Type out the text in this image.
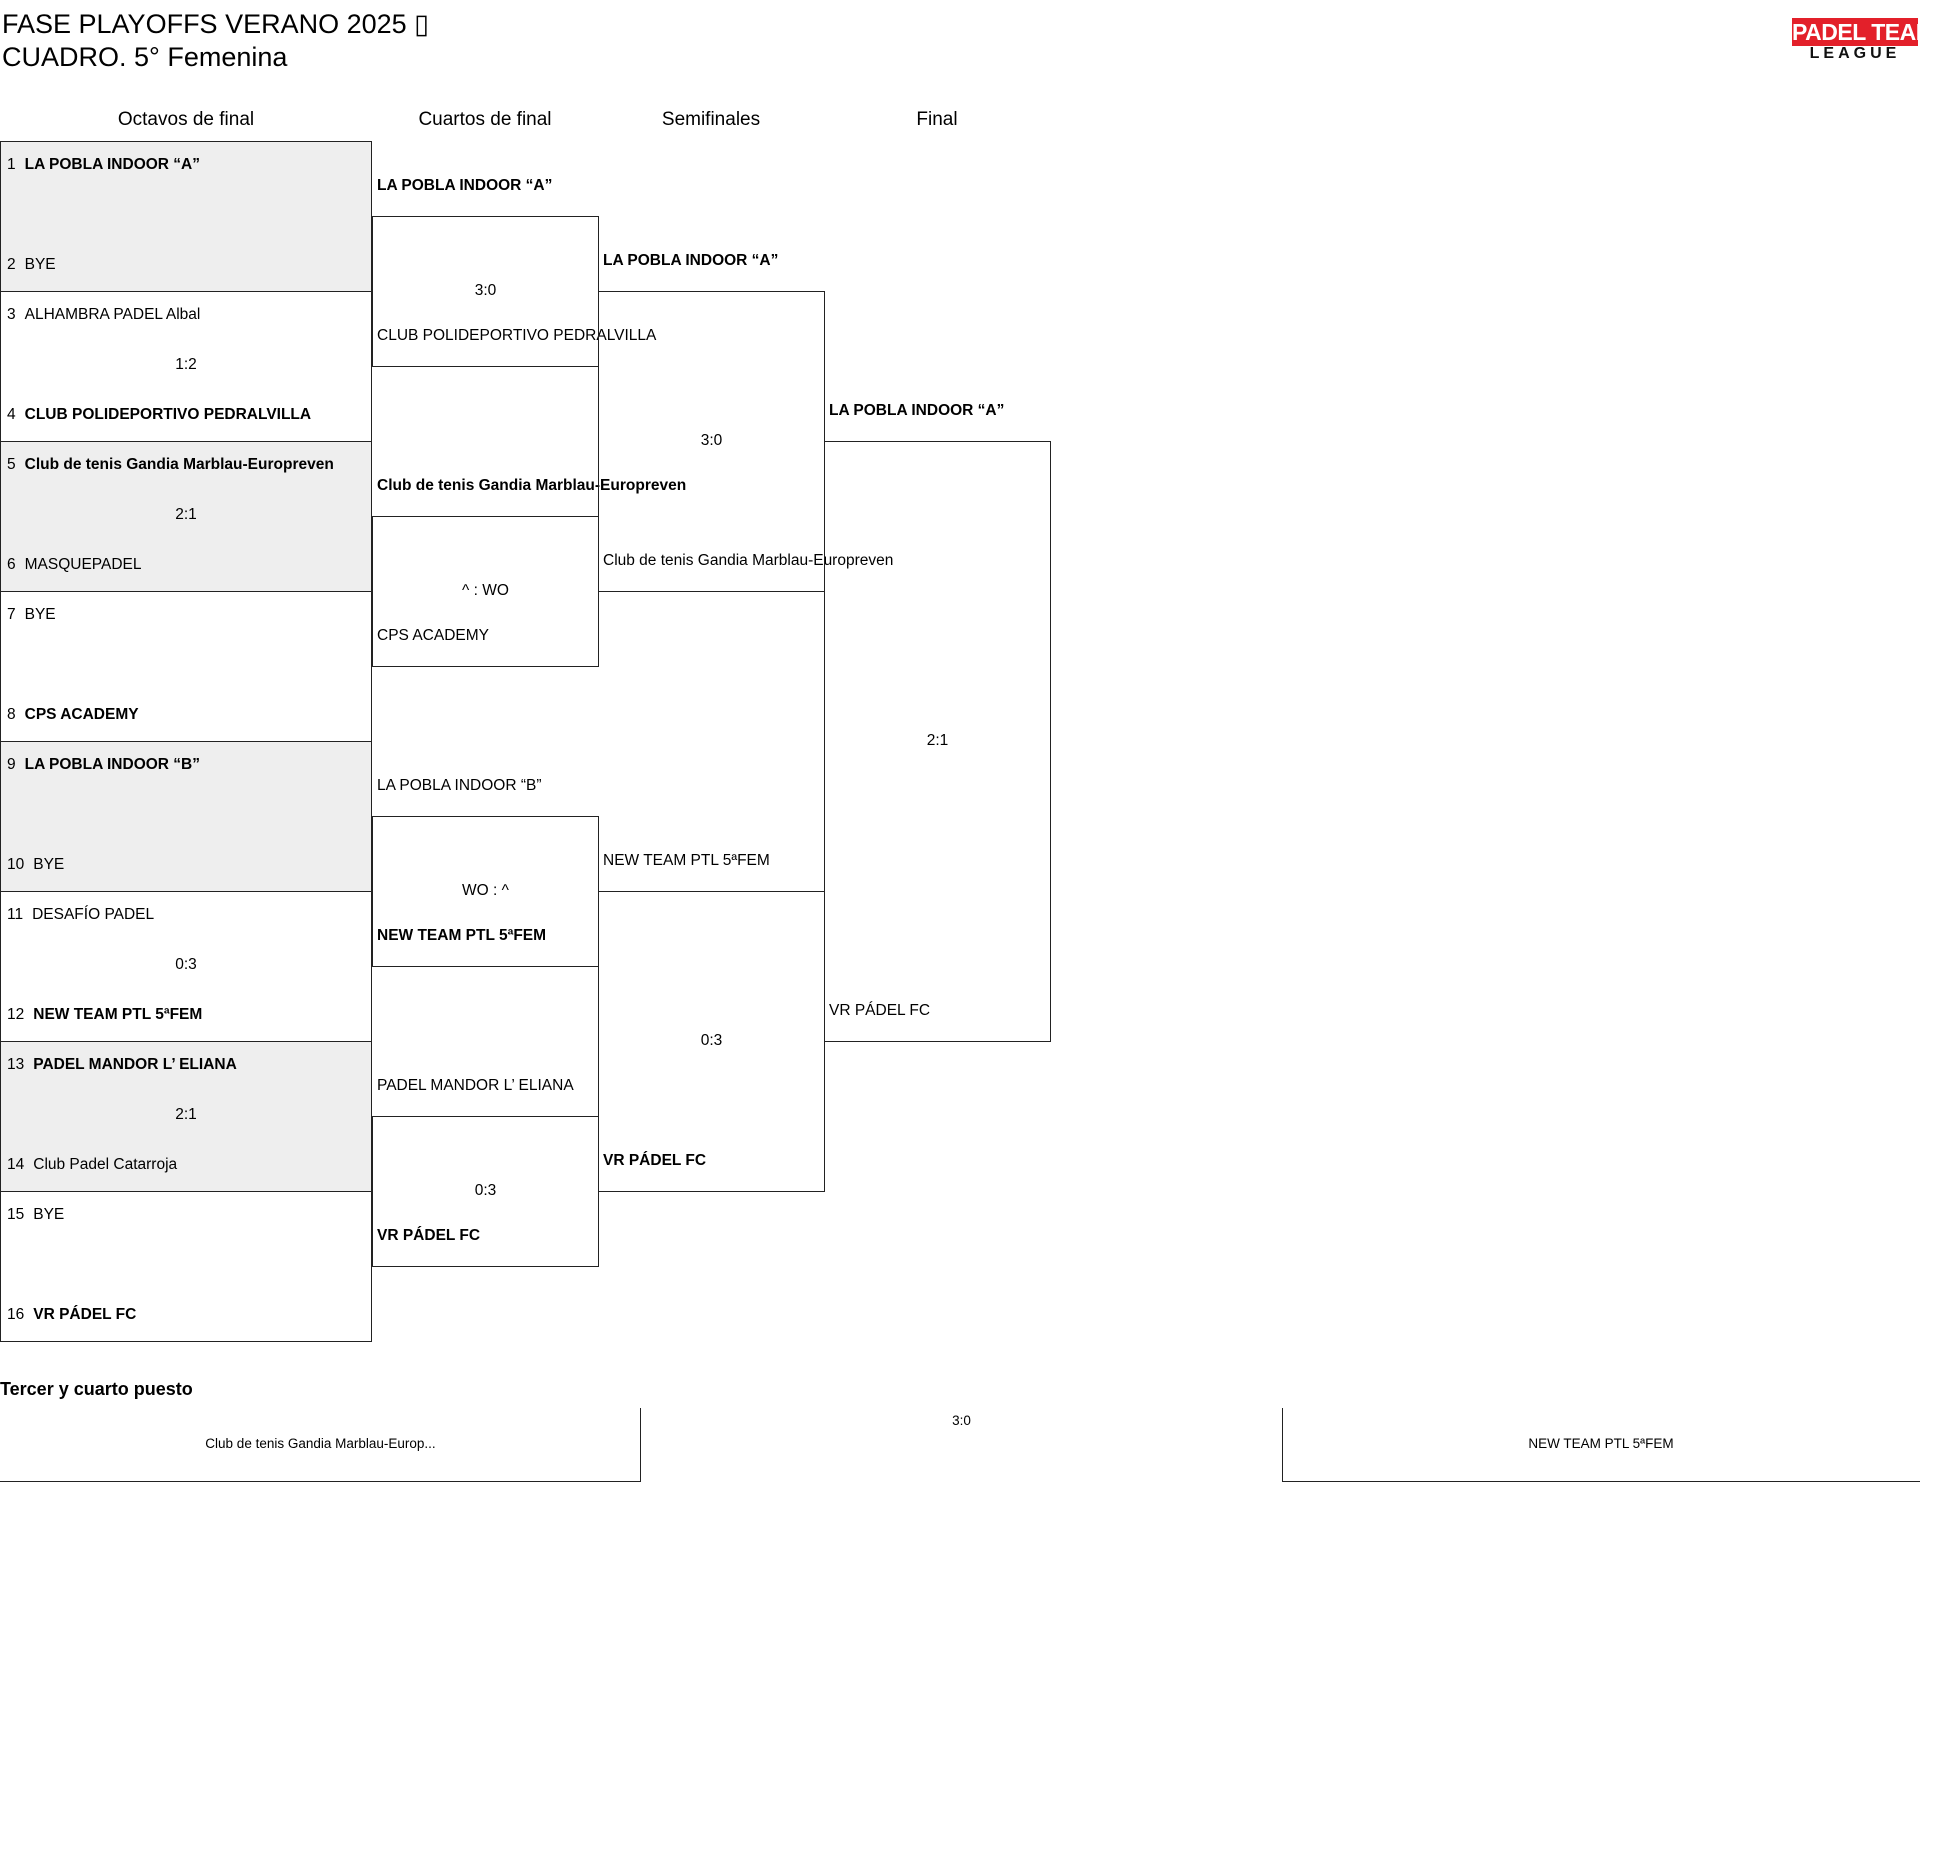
FASE PLAYOFFS VERANO 2025 ▯
CUADRO. 5° Femenina
PADEL TEAM
LEAGUE
Octavos de final	Cuartos de final	Semifinales	Final
1 LA POBLA INDOOR “A”
2 BYE
3 ALHAMBRA PADEL Albal
1:2
4 CLUB POLIDEPORTIVO PEDRALVILLA
5 Club de tenis Gandia Marblau-Europreven
2:1
6 MASQUEPADEL
7 BYE
8 CPS ACADEMY
9 LA POBLA INDOOR “B”
10 BYE
11 DESAFÍO PADEL
0:3
12 NEW TEAM PTL 5ªFEM
13 PADEL MANDOR L’ ELIANA
2:1
14 Club Padel Catarroja
15 BYE
16 VR PÁDEL FC
LA POBLA INDOOR “A”
CLUB POLIDEPORTIVO PEDRALVILLA
3:0
Club de tenis Gandia Marblau-Europreven
CPS ACADEMY
^ : WO
LA POBLA INDOOR “B”
NEW TEAM PTL 5ªFEM
WO : ^
PADEL MANDOR L’ ELIANA
VR PÁDEL FC
0:3
LA POBLA INDOOR “A”
Club de tenis Gandia Marblau-Europreven
3:0
NEW TEAM PTL 5ªFEM
VR PÁDEL FC
0:3
LA POBLA INDOOR “A”
VR PÁDEL FC
2:1
Tercer y cuarto puesto
Club de tenis Gandia Marblau-Europ...
3:0
NEW TEAM PTL 5ªFEM
